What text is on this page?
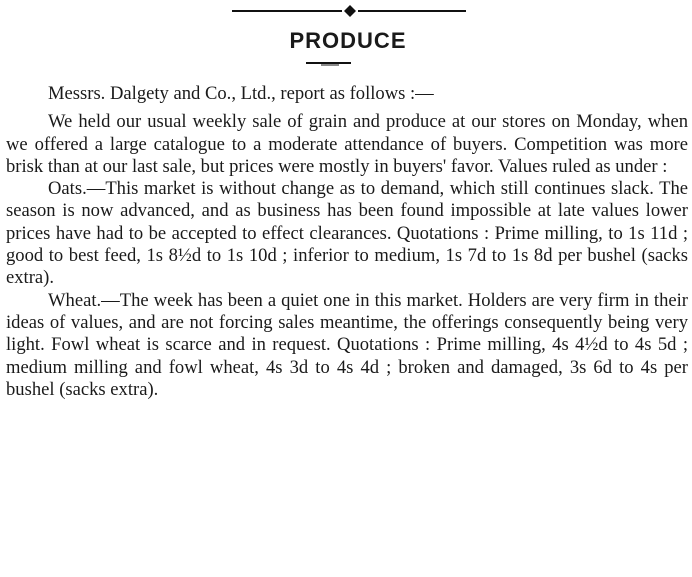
PRODUCE

Messrs. Dalgety and Co., Ltd., report as follows :—

We held our usual weekly sale of grain and produce at our stores on Monday, when we offered a large catalogue to a moderate attendance of buyers. Competition was more brisk than at our last sale, but prices were mostly in buyers' favor. Values ruled as under :

Oats.—This market is without change as to demand, which still continues slack. The season is now advanced, and as business has been found impossible at late values lower prices have had to be accepted to effect clearances. Quotations : Prime milling, to 1s 11d ; good to best feed, 1s 8½d to 1s 10d ; inferior to medium, 1s 7d to 1s 8d per bushel (sacks extra).

Wheat.—The week has been a quiet one in this market. Holders are very firm in their ideas of values, and are not forcing sales meantime, the offerings consequently being very light. Fowl wheat is scarce and in request. Quotations : Prime milling, 4s 4½d to 4s 5d ; medium milling and fowl wheat, 4s 3d to 4s 4d ; broken and damaged, 3s 6d to 4s per bushel (sacks extra).
